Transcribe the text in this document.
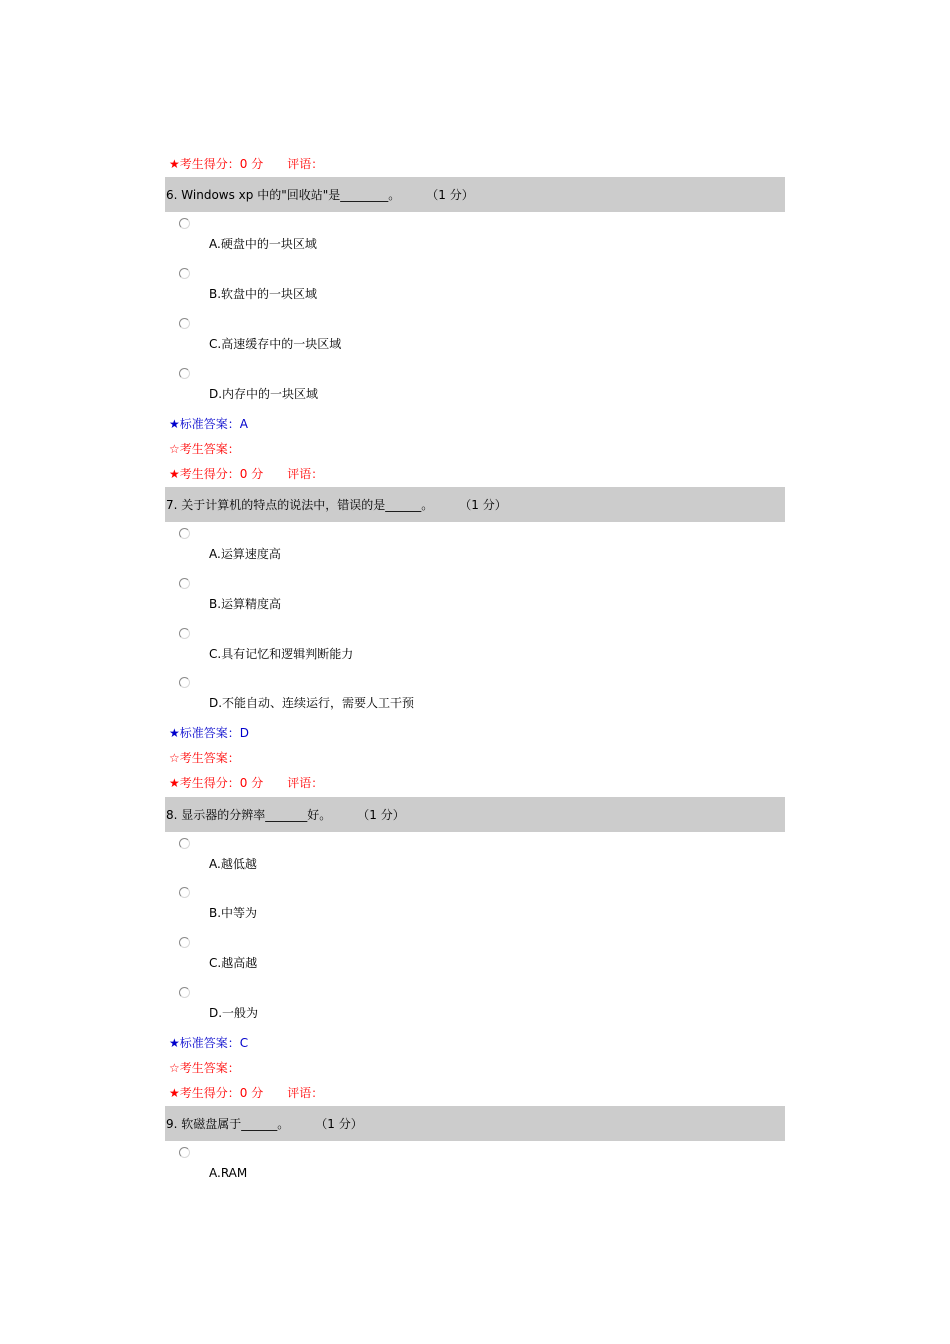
★考生得分：0 分 评语：
6.
Windows xp 中的"回收站"是________。 （1 分）
A.硬盘中的一块区域
B.软盘中的一块区域
C.高速缓存中的一块区域
D.内存中的一块区域
★标准答案：A
☆考生答案：
★考生得分：0 分 评语：
7.
关于计算机的特点的说法中，错误的是______。 （1 分）
A.运算速度高
B.运算精度高
C.具有记忆和逻辑判断能力
D.不能自动、连续运行，需要人工干预
★标准答案：D
☆考生答案：
★考生得分：0 分 评语：
8.
显示器的分辨率_______好。 （1 分）
A.越低越
B.中等为
C.越高越
D.一般为
★标准答案：C
☆考生答案：
★考生得分：0 分 评语：
9.
软磁盘属于______。 （1 分）
A.RAM
